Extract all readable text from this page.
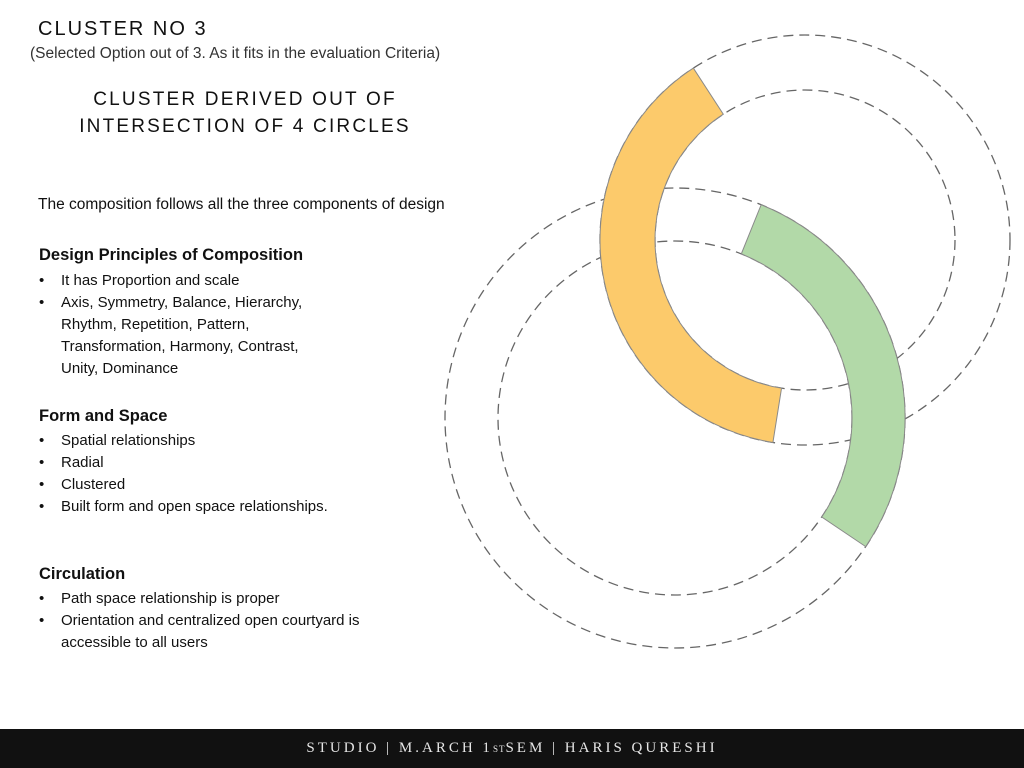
CLUSTER NO 3
(Selected Option out of 3. As it fits in the evaluation Criteria)
CLUSTER DERIVED OUT OF
INTERSECTION OF 4 CIRCLES
The composition follows all the three components of design
Design Principles of Composition
• It has Proportion and scale
• Axis, Symmetry, Balance, Hierarchy,
Rhythm, Repetition, Pattern,
Transformation, Harmony, Contrast,
Unity, Dominance
Form and Space
• Spatial relationships
• Radial
• Clustered
• Built form and open space relationships.
Circulation
• Path space relationship is proper
• Orientation and centralized open courtyard is
accessible to all users
STUDIO | M.ARCH 1 ST SEM | HARIS QURESHI
